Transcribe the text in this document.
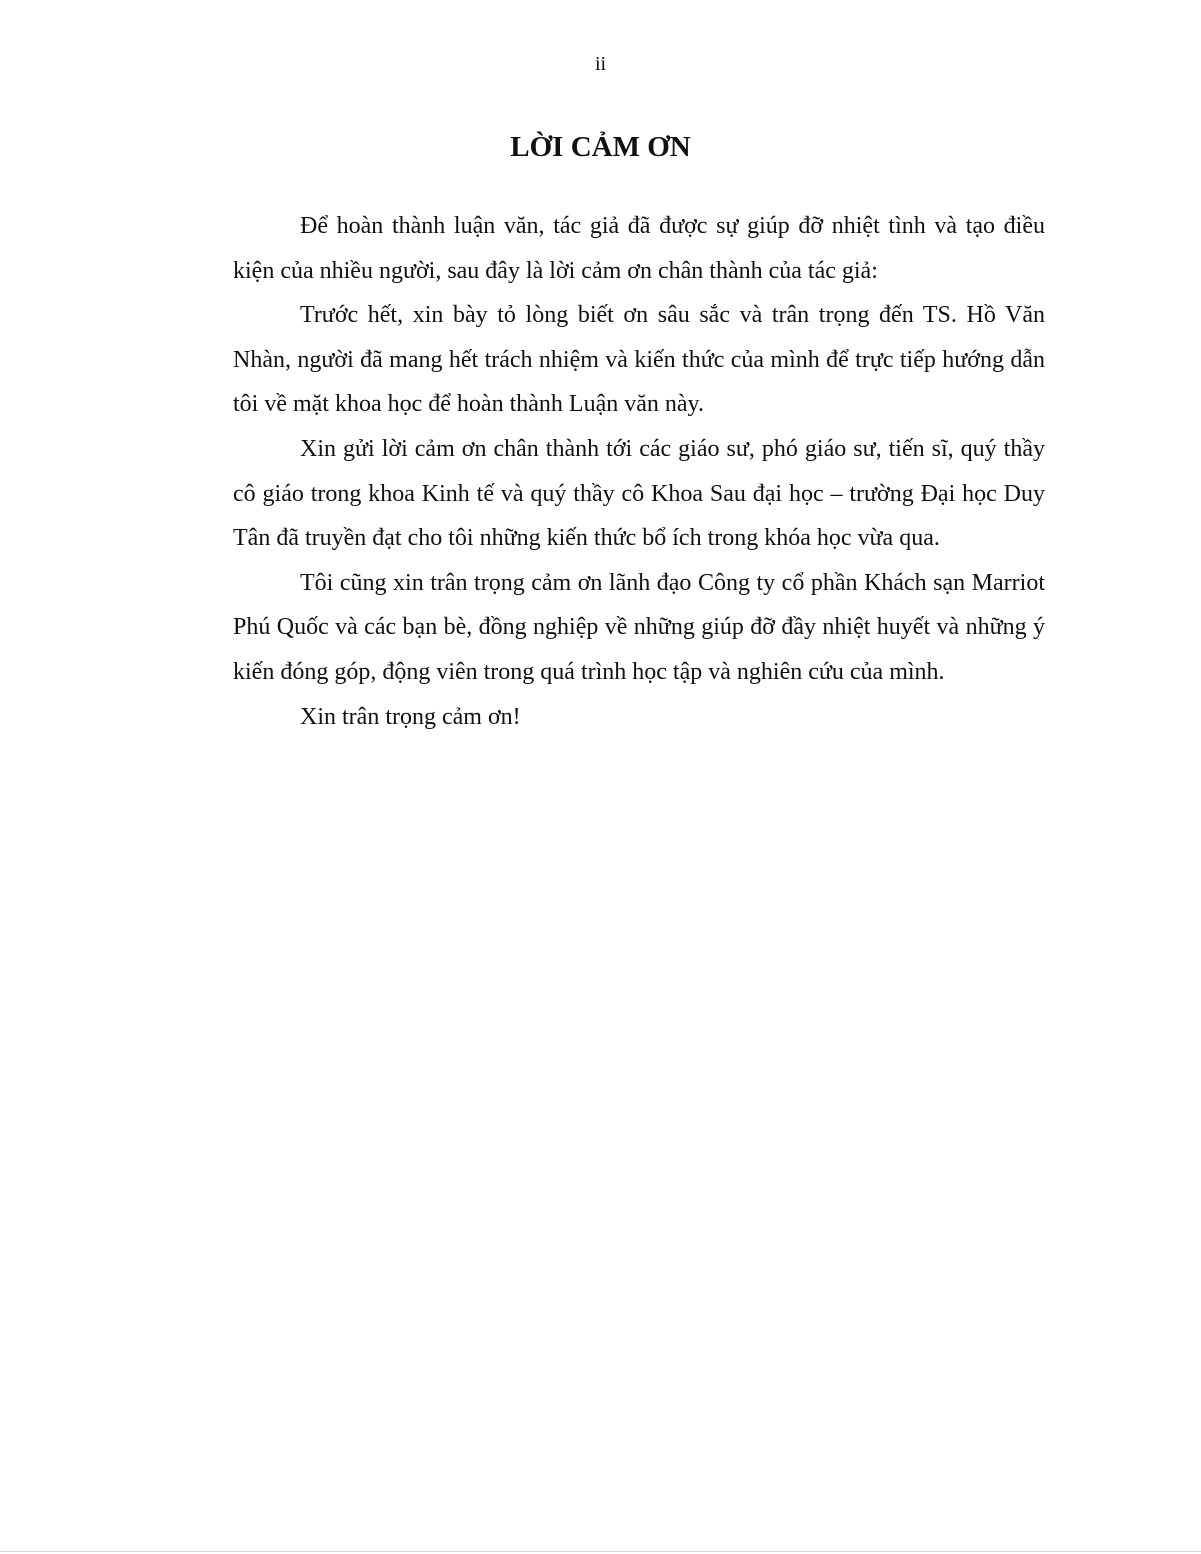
ii
LỜI CẢM ƠN

Để hoàn thành luận văn, tác giả đã được sự giúp đỡ nhiệt tình và tạo điều kiện của nhiều người, sau đây là lời cảm ơn chân thành của tác giả:

Trước hết, xin bày tỏ lòng biết ơn sâu sắc và trân trọng đến TS. Hồ Văn Nhàn, người đã mang hết trách nhiệm và kiến thức của mình để trực tiếp hướng dẫn tôi về mặt khoa học để hoàn thành Luận văn này.

Xin gửi lời cảm ơn chân thành tới các giáo sư, phó giáo sư, tiến sĩ, quý thầy cô giáo trong khoa Kinh tế và quý thầy cô Khoa Sau đại học – trường Đại học Duy Tân đã truyền đạt cho tôi những kiến thức bổ ích trong khóa học vừa qua.

Tôi cũng xin trân trọng cảm ơn lãnh đạo Công ty cổ phần Khách sạn Marriot Phú Quốc và các bạn bè, đồng nghiệp về những giúp đỡ đầy nhiệt huyết và những ý kiến đóng góp, động viên trong quá trình học tập và nghiên cứu của mình.

Xin trân trọng cảm ơn!
